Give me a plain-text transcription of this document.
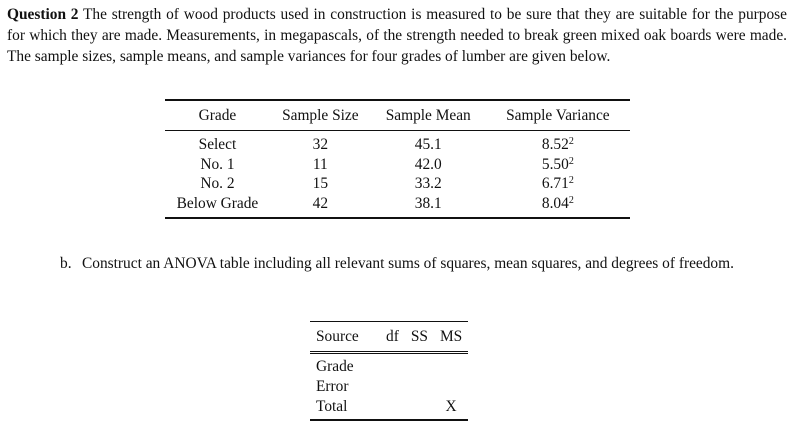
Question 2 The strength of wood products used in construction is measured to be sure that they are suitable for the purpose for which they are made. Measurements, in megapascals, of the strength needed to break green mixed oak boards were made. The sample sizes, sample means, and sample variances for four grades of lumber are given below.

Grade	Sample Size	Sample Mean	Sample Variance
Select	32	45.1	8.52$^2$
No. 1	11	42.0	5.50$^2$
No. 2	15	33.2	6.71$^2$
Below Grade	42	38.1	8.04$^2$
b. Construct an ANOVA table including all relevant sums of squares, mean squares, and degrees of freedom.
Source	df	SS	MS
Grade			
Error			
Total			X
